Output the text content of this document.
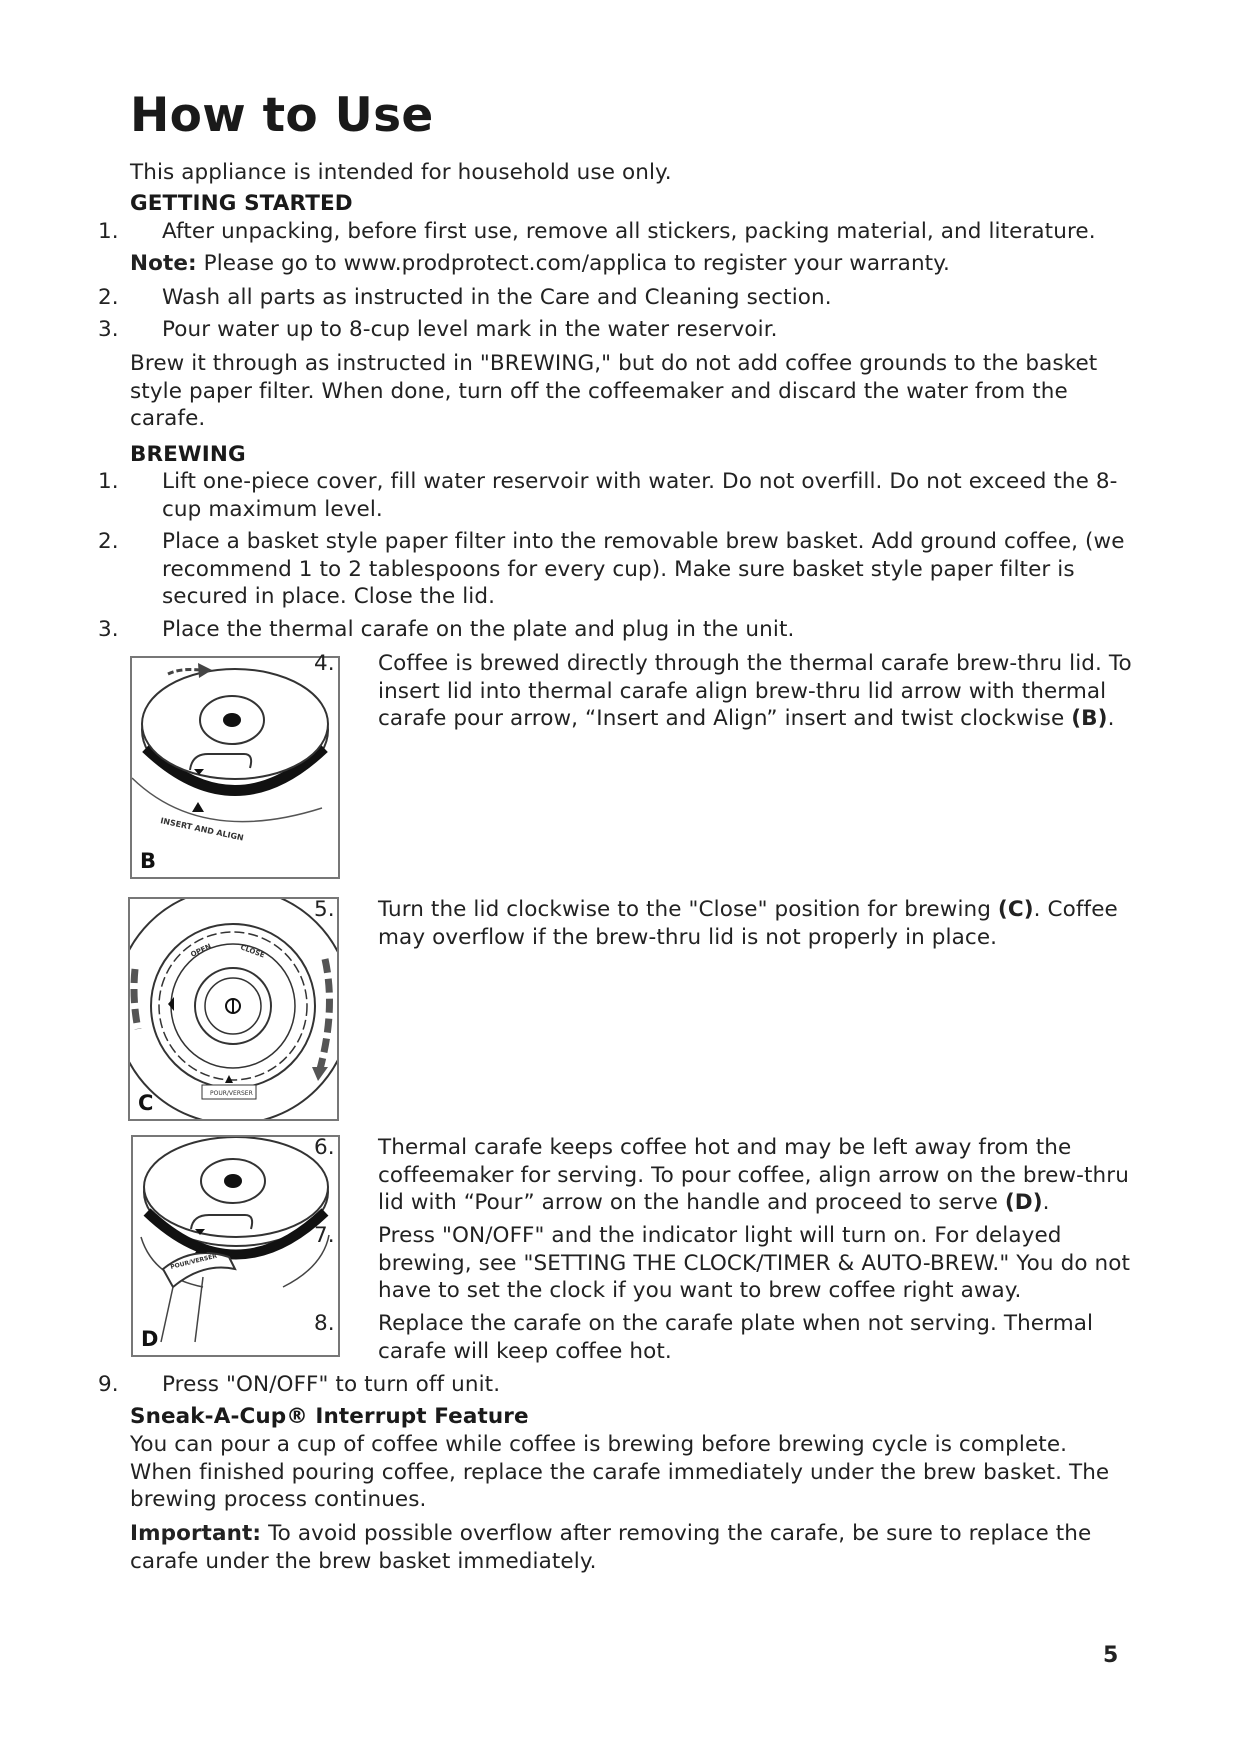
How to Use

This appliance is intended for household use only.

GETTING STARTED

1. After unpacking, before first use, remove all stickers, packing material, and literature.

Note: Please go to www.prodprotect.com/applica to register your warranty.

2. Wash all parts as instructed in the Care and Cleaning section.

3. Pour water up to 8-cup level mark in the water reservoir.

Brew it through as instructed in "BREWING," but do not add coffee grounds to the basket style paper filter. When done, turn off the coffeemaker and discard the water from the carafe.

BREWING

1. Lift one-piece cover, fill water reservoir with water. Do not overfill. Do not exceed the 8-cup maximum level.

2. Place a basket style paper filter into the removable brew basket. Add ground coffee, (we recommend 1 to 2 tablespoons for every cup). Make sure basket style paper filter is secured in place. Close the lid.

3. Place the thermal carafe on the plate and plug in the unit.

INSERT AND ALIGN
B

4. Coffee is brewed directly through the thermal carafe brew-thru lid. To insert lid into thermal carafe align brew-thru lid arrow with thermal carafe pour arrow, “Insert and Align” insert and twist clockwise (B).

OPEN	CLOSE
POUR/VERSER
C

5. Turn the lid clockwise to the "Close" position for brewing (C). Coffee may overflow if the brew-thru lid is not properly in place.

POUR/VERSER
D

6. Thermal carafe keeps coffee hot and may be left away from the coffeemaker for serving. To pour coffee, align arrow on the brew-thru lid with “Pour” arrow on the handle and proceed to serve (D).

7. Press "ON/OFF" and the indicator light will turn on. For delayed brewing, see "SETTING THE CLOCK/TIMER & AUTO-BREW." You do not have to set the clock if you want to brew coffee right away.

8. Replace the carafe on the carafe plate when not serving. Thermal carafe will keep coffee hot.

9. Press "ON/OFF" to turn off unit.

Sneak-A-Cup® Interrupt Feature

You can pour a cup of coffee while coffee is brewing before brewing cycle is complete. When finished pouring coffee, replace the carafe immediately under the brew basket. The brewing process continues.

Important: To avoid possible overflow after removing the carafe, be sure to replace the carafe under the brew basket immediately.

5
